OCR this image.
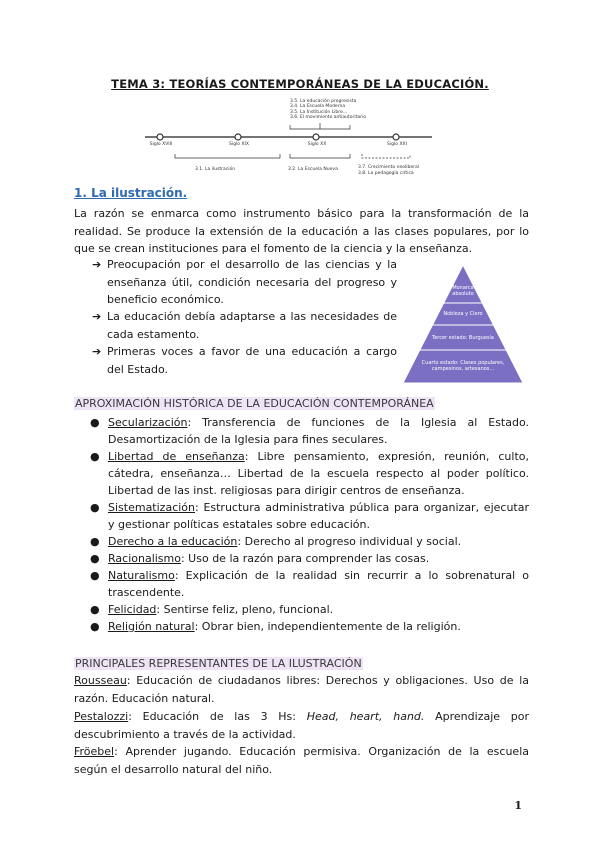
TEMA 3: TEORÍAS CONTEMPORÁNEAS DE LA EDUCACIÓN.
3.5. La educación progresista
3.4. La Escuela Moderna
3.5. La Institución Libre...
3.6. El movimiento antiautoritario
Siglo XVIII	Siglo XIX	Siglo XX	Siglo XXI
3.1. La ilustración	3.2. La Escuela Nueva	3.7. Crecimiento neoliberal
3.8. La pedagogía crítica
1. La ilustración.
La razón se enmarca como instrumento básico para la transformación de la realidad. Se produce la extensión de la educación a las clases populares, por lo que se crean instituciones para el fomento de la ciencia y la enseñanza.
➔ Preocupación por el desarrollo de las ciencias y la enseñanza útil, condición necesaria del progreso y beneficio económico.
➔ La educación debía adaptarse a las necesidades de cada estamento.
➔ Primeras voces a favor de una educación a cargo del Estado.
Monarca absoluto
Nobleza y Clero
Tercer estado: Burguesía
Cuarto estado: Clases populares, campesinos, artesanos...
APROXIMACIÓN HISTÓRICA DE LA EDUCACIÓN CONTEMPORÁNEA
● Secularización: Transferencia de funciones de la Iglesia al Estado. Desamortización de la Iglesia para fines seculares.
● Libertad de enseñanza: Libre pensamiento, expresión, reunión, culto, cátedra, enseñanza… Libertad de la escuela respecto al poder político. Libertad de las inst. religiosas para dirigir centros de enseñanza.
● Sistematización: Estructura administrativa pública para organizar, ejecutar y gestionar políticas estatales sobre educación.
● Derecho a la educación: Derecho al progreso individual y social.
● Racionalismo: Uso de la razón para comprender las cosas.
● Naturalismo: Explicación de la realidad sin recurrir a lo sobrenatural o trascendente.
● Felicidad: Sentirse feliz, pleno, funcional.
● Religión natural: Obrar bien, independientemente de la religión.
PRINCIPALES REPRESENTANTES DE LA ILUSTRACIÓN
Rousseau: Educación de ciudadanos libres: Derechos y obligaciones. Uso de la razón. Educación natural.
Pestalozzi: Educación de las 3 Hs: Head, heart, hand. Aprendizaje por descubrimiento a través de la actividad.
Fröebel: Aprender jugando. Educación permisiva. Organización de la escuela según el desarrollo natural del niño.
1
